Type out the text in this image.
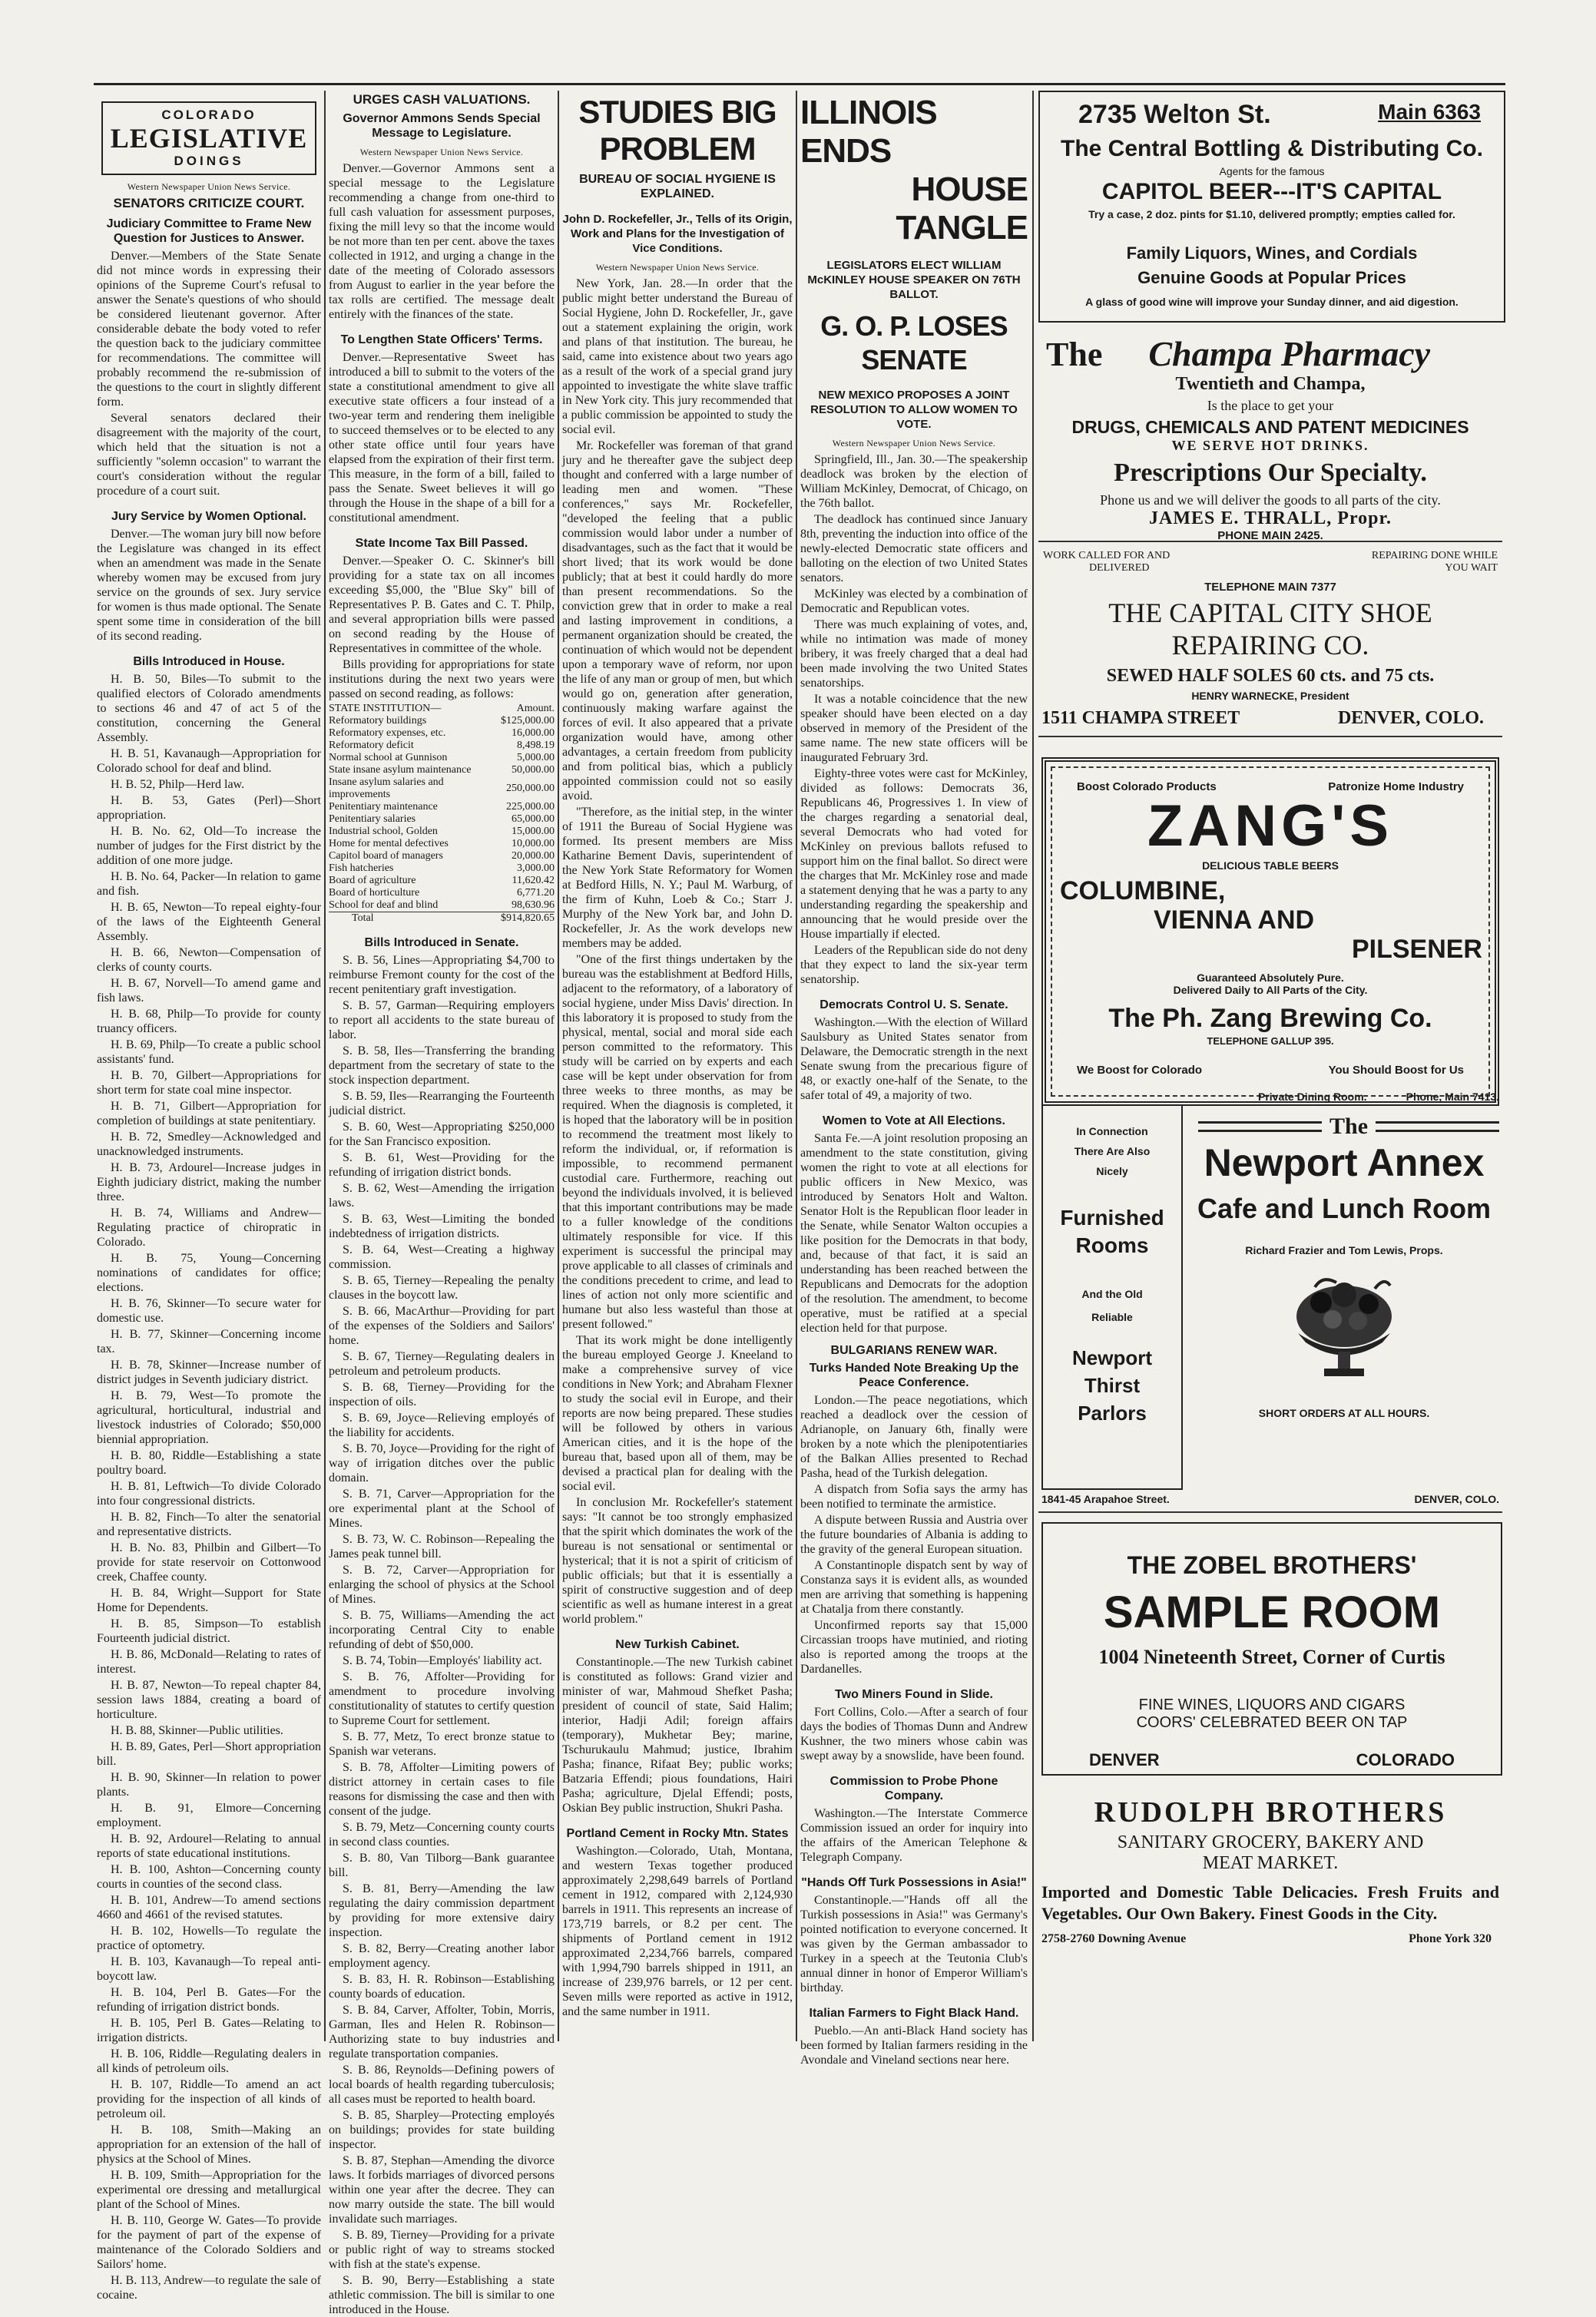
COLORADO
LEGISLATIVE
DOINGS

Western Newspaper Union News Service.

SENATORS CRITICIZE COURT.

Judiciary Committee to Frame New Question for Justices to Answer.

Denver.—Members of the State Senate did not mince words in expressing their opinions of the Supreme Court's refusal to answer the Senate's questions of who should be considered lieutenant governor. After considerable debate the body voted to refer the question back to the judiciary committee for recommendations. The committee will probably recommend the re-submission of the questions to the court in slightly different form.

Several senators declared their disagreement with the majority of the court, which held that the situation is not a sufficiently "solemn occasion" to warrant the court's consideration without the regular procedure of a court suit.

Jury Service by Women Optional.

Denver.—The woman jury bill now before the Legislature was changed in its effect when an amendment was made in the Senate whereby women may be excused from jury service on the grounds of sex. Jury service for women is thus made optional. The Senate spent some time in consideration of the bill of its second reading.

Bills Introduced in House.

H. B. 50, Biles—To submit to the qualified electors of Colorado amendments to sections 46 and 47 of act 5 of the constitution, concerning the General Assembly.

H. B. 51, Kavanaugh—Appropriation for Colorado school for deaf and blind.

H. B. 52, Philp—Herd law.

H. B. 53, Gates (Perl)—Short appropriation.

H. B. No. 62, Old—To increase the number of judges for the First district by the addition of one more judge.

H. B. No. 64, Packer—In relation to game and fish.

H. B. 65, Newton—To repeal eighty-four of the laws of the Eighteenth General Assembly.

H. B. 66, Newton—Compensation of clerks of county courts.

H. B. 67, Norvell—To amend game and fish laws.

H. B. 68, Philp—To provide for county truancy officers.

H. B. 69, Philp—To create a public school assistants' fund.

H. B. 70, Gilbert—Appropriations for short term for state coal mine inspector.

H. B. 71, Gilbert—Appropriation for completion of buildings at state penitentiary.

H. B. 72, Smedley—Acknowledged and unacknowledged instruments.

H. B. 73, Ardourel—Increase judges in Eighth judiciary district, making the number three.

H. B. 74, Williams and Andrew—Regulating practice of chiropratic in Colorado.

H. B. 75, Young—Concerning nominations of candidates for office; elections.

H. B. 76, Skinner—To secure water for domestic use.

H. B. 77, Skinner—Concerning income tax.

H. B. 78, Skinner—Increase number of district judges in Seventh judiciary district.

H. B. 79, West—To promote the agricultural, horticultural, industrial and livestock industries of Colorado; $50,000 biennial appropriation.

H. B. 80, Riddle—Establishing a state poultry board.

H. B. 81, Leftwich—To divide Colorado into four congressional districts.

H. B. 82, Finch—To alter the senatorial and representative districts.

H. B. No. 83, Philbin and Gilbert—To provide for state reservoir on Cottonwood creek, Chaffee county.

H. B. 84, Wright—Support for State Home for Dependents.

H. B. 85, Simpson—To establish Fourteenth judicial district.

H. B. 86, McDonald—Relating to rates of interest.

H. B. 87, Newton—To repeal chapter 84, session laws 1884, creating a board of horticulture.

H. B. 88, Skinner—Public utilities.

H. B. 89, Gates, Perl—Short appropriation bill.

H. B. 90, Skinner—In relation to power plants.

H. B. 91, Elmore—Concerning employment.

H. B. 92, Ardourel—Relating to annual reports of state educational institutions.

H. B. 100, Ashton—Concerning county courts in counties of the second class.

H. B. 101, Andrew—To amend sections 4660 and 4661 of the revised statutes.

H. B. 102, Howells—To regulate the practice of optometry.

H. B. 103, Kavanaugh—To repeal anti-boycott law.

H. B. 104, Perl B. Gates—For the refunding of irrigation district bonds.

H. B. 105, Perl B. Gates—Relating to irrigation districts.

H. B. 106, Riddle—Regulating dealers in all kinds of petroleum oils.

H. B. 107, Riddle—To amend an act providing for the inspection of all kinds of petroleum oil.

H. B. 108, Smith—Making an appropriation for an extension of the hall of physics at the School of Mines.

H. B. 109, Smith—Appropriation for the experimental ore dressing and metallurgical plant of the School of Mines.

H. B. 110, George W. Gates—To provide for the payment of part of the expense of maintenance of the Colorado Soldiers and Sailors' home.

H. B. 113, Andrew—to regulate the sale of cocaine.

URGES CASH VALUATIONS.

Governor Ammons Sends Special Message to Legislature.

Western Newspaper Union News Service.

Denver.—Governor Ammons sent a special message to the Legislature recommending a change from one-third to full cash valuation for assessment purposes, fixing the mill levy so that the income would be not more than ten per cent. above the taxes collected in 1912, and urging a change in the date of the meeting of Colorado assessors from August to earlier in the year before the tax rolls are certified. The message dealt entirely with the finances of the state.

To Lengthen State Officers' Terms.

Denver.—Representative Sweet has introduced a bill to submit to the voters of the state a constitutional amendment to give all executive state officers a four instead of a two-year term and rendering them ineligible to succeed themselves or to be elected to any other state office until four years have elapsed from the expiration of their first term. This measure, in the form of a bill, failed to pass the Senate. Sweet believes it will go through the House in the shape of a bill for a constitutional amendment.

State Income Tax Bill Passed.

Denver.—Speaker O. C. Skinner's bill providing for a state tax on all incomes exceeding $5,000, the "Blue Sky" bill of Representatives P. B. Gates and C. T. Philp, and several appropriation bills were passed on second reading by the House of Representatives in committee of the whole.

Bills providing for appropriations for state institutions during the next two years were passed on second reading, as follows:

STATE INSTITUTION—	Amount.
Reformatory buildings	$125,000.00
Reformatory expenses, etc.	16,000.00
Reformatory deficit	8,498.19
Normal school at Gunnison	5,000.00
State insane asylum maintenance	50,000.00
Insane asylum salaries and improvements	250,000.00
Penitentiary maintenance	225,000.00
Penitentiary salaries	65,000.00
Industrial school, Golden	15,000.00
Home for mental defectives	10,000.00
Capitol board of managers	20,000.00
Fish hatcheries	3,000.00
Board of agriculture	11,620.42
Board of horticulture	6,771.20
School for deaf and blind	98,630.96
Total	$914,820.65

Bills Introduced in Senate.

S. B. 56, Lines—Appropriating $4,700 to reimburse Fremont county for the cost of the recent penitentiary graft investigation.

S. B. 57, Garman—Requiring employers to report all accidents to the state bureau of labor.

S. B. 58, Iles—Transferring the branding department from the secretary of state to the stock inspection department.

S. B. 59, Iles—Rearranging the Fourteenth judicial district.

S. B. 60, West—Appropriating $250,000 for the San Francisco exposition.

S. B. 61, West—Providing for the refunding of irrigation district bonds.

S. B. 62, West—Amending the irrigation laws.

S. B. 63, West—Limiting the bonded indebtedness of irrigation districts.

S. B. 64, West—Creating a highway commission.

S. B. 65, Tierney—Repealing the penalty clauses in the boycott law.

S. B. 66, MacArthur—Providing for part of the expenses of the Soldiers and Sailors' home.

S. B. 67, Tierney—Regulating dealers in petroleum and petroleum products.

S. B. 68, Tierney—Providing for the inspection of oils.

S. B. 69, Joyce—Relieving employés of the liability for accidents.

S. B. 70, Joyce—Providing for the right of way of irrigation ditches over the public domain.

S. B. 71, Carver—Appropriation for the ore experimental plant at the School of Mines.

S. B. 73, W. C. Robinson—Repealing the James peak tunnel bill.

S. B. 72, Carver—Appropriation for enlarging the school of physics at the School of Mines.

S. B. 75, Williams—Amending the act incorporating Central City to enable refunding of debt of $50,000.

S. B. 74, Tobin—Employés' liability act.

S. B. 76, Affolter—Providing for amendment to procedure involving constitutionality of statutes to certify question to Supreme Court for settlement.

S. B. 77, Metz, To erect bronze statue to Spanish war veterans.

S. B. 78, Affolter—Limiting powers of district attorney in certain cases to file reasons for dismissing the case and then with consent of the judge.

S. B. 79, Metz—Concerning county courts in second class counties.

S. B. 80, Van Tilborg—Bank guarantee bill.

S. B. 81, Berry—Amending the law regulating the dairy commission department by providing for more extensive dairy inspection.

S. B. 82, Berry—Creating another labor employment agency.

S. B. 83, H. R. Robinson—Establishing county boards of education.

S. B. 84, Carver, Affolter, Tobin, Morris, Garman, Iles and Helen R. Robinson—Authorizing state to buy industries and regulate transportation companies.

S. B. 86, Reynolds—Defining powers of local boards of health regarding tuberculosis; all cases must be reported to health board.

S. B. 85, Sharpley—Protecting employés on buildings; provides for state building inspector.

S. B. 87, Stephan—Amending the divorce laws. It forbids marriages of divorced persons within one year after the decree. They can now marry outside the state. The bill would invalidate such marriages.

S. B. 89, Tierney—Providing for a private or public right of way to streams stocked with fish at the state's expense.

S. B. 90, Berry—Establishing a state athletic commission. The bill is similar to one introduced in the House.

STUDIES BIG PROBLEM

BUREAU OF SOCIAL HYGIENE IS EXPLAINED.

John D. Rockefeller, Jr., Tells of its Origin, Work and Plans for the Investigation of Vice Conditions.

Western Newspaper Union News Service.

New York, Jan. 28.—In order that the public might better understand the Bureau of Social Hygiene, John D. Rockefeller, Jr., gave out a statement explaining the origin, work and plans of that institution. The bureau, he said, came into existence about two years ago as a result of the work of a special grand jury appointed to investigate the white slave traffic in New York city. This jury recommended that a public commission be appointed to study the social evil.

Mr. Rockefeller was foreman of that grand jury and he thereafter gave the subject deep thought and conferred with a large number of leading men and women. "These conferences," says Mr. Rockefeller, "developed the feeling that a public commission would labor under a number of disadvantages, such as the fact that it would be short lived; that its work would be done publicly; that at best it could hardly do more than present recommendations. So the conviction grew that in order to make a real and lasting improvement in conditions, a permanent organization should be created, the continuation of which would not be dependent upon a temporary wave of reform, nor upon the life of any man or group of men, but which would go on, generation after generation, continuously making warfare against the forces of evil. It also appeared that a private organization would have, among other advantages, a certain freedom from publicity and from political bias, which a publicly appointed commission could not so easily avoid.

"Therefore, as the initial step, in the winter of 1911 the Bureau of Social Hygiene was formed. Its present members are Miss Katharine Bement Davis, superintendent of the New York State Reformatory for Women at Bedford Hills, N. Y.; Paul M. Warburg, of the firm of Kuhn, Loeb & Co.; Starr J. Murphy of the New York bar, and John D. Rockefeller, Jr. As the work develops new members may be added.

"One of the first things undertaken by the bureau was the establishment at Bedford Hills, adjacent to the reformatory, of a laboratory of social hygiene, under Miss Davis' direction. In this laboratory it is proposed to study from the physical, mental, social and moral side each person committed to the reformatory. This study will be carried on by experts and each case will be kept under observation for from three weeks to three months, as may be required. When the diagnosis is completed, it is hoped that the laboratory will be in position to recommend the treatment most likely to reform the individual, or, if reformation is impossible, to recommend permanent custodial care. Furthermore, reaching out beyond the individuals involved, it is believed that this important contributions may be made to a fuller knowledge of the conditions ultimately responsible for vice. If this experiment is successful the principal may prove applicable to all classes of criminals and the conditions precedent to crime, and lead to lines of action not only more scientific and humane but also less wasteful than those at present followed."

That its work might be done intelligently the bureau employed George J. Kneeland to make a comprehensive survey of vice conditions in New York; and Abraham Flexner to study the social evil in Europe, and their reports are now being prepared. These studies will be followed by others in various American cities, and it is the hope of the bureau that, based upon all of them, may be devised a practical plan for dealing with the social evil.

In conclusion Mr. Rockefeller's statement says: "It cannot be too strongly emphasized that the spirit which dominates the work of the bureau is not sensational or sentimental or hysterical; that it is not a spirit of criticism of public officials; but that it is essentially a spirit of constructive suggestion and of deep scientific as well as humane interest in a great world problem."

New Turkish Cabinet.

Constantinople.—The new Turkish cabinet is constituted as follows: Grand vizier and minister of war, Mahmoud Shefket Pasha; president of council of state, Said Halim; interior, Hadji Adil; foreign affairs (temporary), Mukhetar Bey; marine, Tschurukaulu Mahmud; justice, Ibrahim Pasha; finance, Rifaat Bey; public works; Batzaria Effendi; pious foundations, Hairi Pasha; agriculture, Djelal Effendi; posts, Oskian Bey public instruction, Shukri Pasha.

Portland Cement in Rocky Mtn. States

Washington.—Colorado, Utah, Montana, and western Texas together produced approximately 2,298,649 barrels of Portland cement in 1912, compared with 2,124,930 barrels in 1911. This represents an increase of 173,719 barrels, or 8.2 per cent. The shipments of Portland cement in 1912 approximated 2,234,766 barrels, compared with 1,994,790 barrels shipped in 1911, an increase of 239,976 barrels, or 12 per cent. Seven mills were reported as active in 1912, and the same number in 1911.

ILLINOIS ENDS
HOUSE TANGLE

LEGISLATORS ELECT WILLIAM McKINLEY HOUSE SPEAKER ON 76TH BALLOT.

G. O. P. LOSES SENATE

NEW MEXICO PROPOSES A JOINT RESOLUTION TO ALLOW WOMEN TO VOTE.

Western Newspaper Union News Service.

Springfield, Ill., Jan. 30.—The speakership deadlock was broken by the election of William McKinley, Democrat, of Chicago, on the 76th ballot.

The deadlock has continued since January 8th, preventing the induction into office of the newly-elected Democratic state officers and balloting on the election of two United States senators.

McKinley was elected by a combination of Democratic and Republican votes.

There was much explaining of votes, and, while no intimation was made of money bribery, it was freely charged that a deal had been made involving the two United States senatorships.

It was a notable coincidence that the new speaker should have been elected on a day observed in memory of the President of the same name. The new state officers will be inaugurated February 3rd.

Eighty-three votes were cast for McKinley, divided as follows: Democrats 36, Republicans 46, Progressives 1. In view of the charges regarding a senatorial deal, several Democrats who had voted for McKinley on previous ballots refused to support him on the final ballot. So direct were the charges that Mr. McKinley rose and made a statement denying that he was a party to any understanding regarding the speakership and announcing that he would preside over the House impartially if elected.

Leaders of the Republican side do not deny that they expect to land the six-year term senatorship.

Democrats Control U. S. Senate.

Washington.—With the election of Willard Saulsbury as United States senator from Delaware, the Democratic strength in the next Senate swung from the precarious figure of 48, or exactly one-half of the Senate, to the safer total of 49, a majority of two.

Women to Vote at All Elections.

Santa Fe.—A joint resolution proposing an amendment to the state constitution, giving women the right to vote at all elections for public officers in New Mexico, was introduced by Senators Holt and Walton. Senator Holt is the Republican floor leader in the Senate, while Senator Walton occupies a like position for the Democrats in that body, and, because of that fact, it is said an understanding has been reached between the Republicans and Democrats for the adoption of the resolution. The amendment, to become operative, must be ratified at a special election held for that purpose.

BULGARIANS RENEW WAR.

Turks Handed Note Breaking Up the Peace Conference.

London.—The peace negotiations, which reached a deadlock over the cession of Adrianople, on January 6th, finally were broken by a note which the plenipotentiaries of the Balkan Allies presented to Rechad Pasha, head of the Turkish delegation.

A dispatch from Sofia says the army has been notified to terminate the armistice.

A dispute between Russia and Austria over the future boundaries of Albania is adding to the gravity of the general European situation.

A Constantinople dispatch sent by way of Constanza says it is evident alls, as wounded men are arriving that something is happening at Chatalja from there constantly.

Unconfirmed reports say that 15,000 Circassian troops have mutinied, and rioting also is reported among the troops at the Dardanelles.

Two Miners Found in Slide.

Fort Collins, Colo.—After a search of four days the bodies of Thomas Dunn and Andrew Kushner, the two miners whose cabin was swept away by a snowslide, have been found.

Commission to Probe Phone Company.

Washington.—The Interstate Commerce Commission issued an order for inquiry into the affairs of the American Telephone & Telegraph Company.

"Hands Off Turk Possessions in Asia!"

Constantinople.—"Hands off all the Turkish possessions in Asia!" was Germany's pointed notification to everyone concerned. It was given by the German ambassador to Turkey in a speech at the Teutonia Club's annual dinner in honor of Emperor William's birthday.

Italian Farmers to Fight Black Hand.

Pueblo.—An anti-Black Hand society has been formed by Italian farmers residing in the Avondale and Vineland sections near here.

2735 Welton St.	Main 6363
The Central Bottling & Distributing Co.
Agents for the famous
CAPITOL BEER---IT'S CAPITAL
Try a case, 2 doz. pints for $1.10, delivered promptly; empties called for.
Family Liquors, Wines, and Cordials
Genuine Goods at Popular Prices
A glass of good wine will improve your Sunday dinner, and aid digestion.
The Champa Pharmacy
Twentieth and Champa,
Is the place to get your
DRUGS, CHEMICALS AND PATENT MEDICINES
WE SERVE HOT DRINKS.
Prescriptions Our Specialty.
Phone us and we will deliver the goods to all parts of the city.
JAMES E. THRALL, Propr.
PHONE MAIN 2425.
WORK CALLED FOR AND
DELIVERED
REPAIRING DONE WHILE
YOU WAIT
TELEPHONE MAIN 7377
THE CAPITAL CITY SHOE
REPAIRING CO.
SEWED HALF SOLES 60 cts. and 75 cts.
HENRY WARNECKE, President
1511 CHAMPA STREET	DENVER, COLO.
Boost Colorado Products	Patronize Home Industry
ZANG'S
DELICIOUS TABLE BEERS
COLUMBINE,
VIENNA AND
PILSENER
Guaranteed Absolutely Pure.
Delivered Daily to All Parts of the City.
The Ph. Zang Brewing Co.
TELEPHONE GALLUP 395.
We Boost for Colorado	You Should Boost for Us
In Connection
There Are Also
Nicely
Furnished
Rooms
And the Old
Reliable
Newport Thirst
Parlors
Private Dining Room.	Phone, Main 7413.
The
Newport Annex
Cafe and Lunch Room
Richard Frazier and Tom Lewis, Props.
SHORT ORDERS AT ALL HOURS.
1841-45 Arapahoe Street.	DENVER, COLO.
THE ZOBEL BROTHERS'
SAMPLE ROOM
1004 Nineteenth Street, Corner of Curtis
FINE WINES, LIQUORS AND CIGARS
COORS' CELEBRATED BEER ON TAP
DENVER	COLORADO
RUDOLPH BROTHERS
SANITARY GROCERY, BAKERY AND
MEAT MARKET.
Imported and Domestic Table Delicacies. Fresh Fruits and Vegetables. Our Own Bakery. Finest Goods in the City.
2758-2760 Downing Avenue	Phone York 320
